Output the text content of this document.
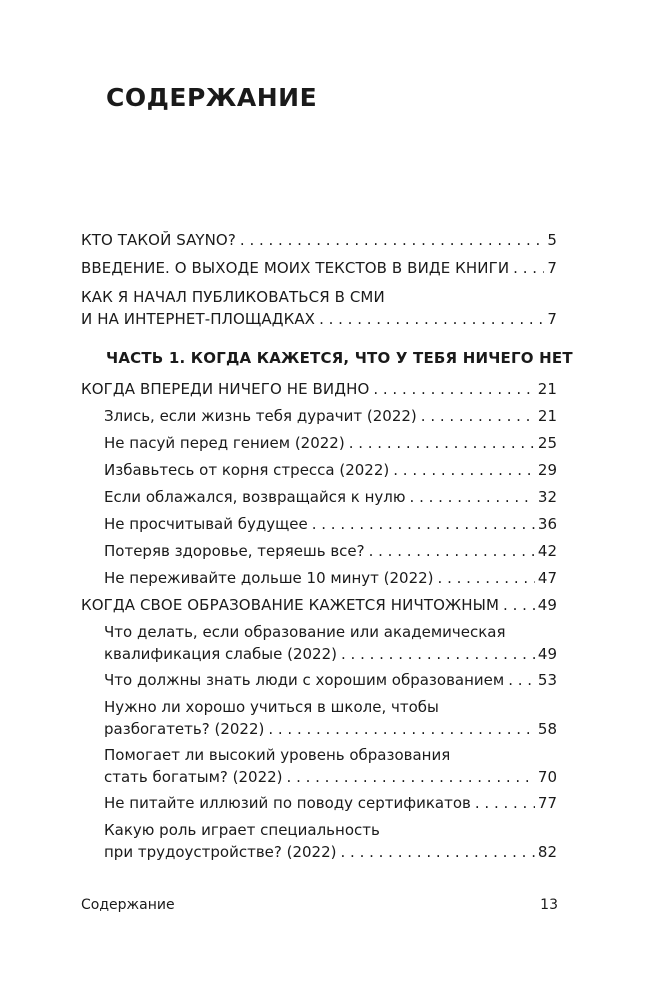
СОДЕРЖАНИЕ
КТО ТАКОЙ SAYNO? . . .	5
ВВЕДЕНИЕ. О ВЫХОДЕ МОИХ ТЕКСТОВ В ВИДЕ КНИГИ . . .	7
КАК Я НАЧАЛ ПУБЛИКОВАТЬСЯ В СМИ
И НА ИНТЕРНЕТ-ПЛОЩАДКАХ . . .	7
ЧАСТЬ 1. КОГДА КАЖЕТСЯ, ЧТО У ТЕБЯ НИЧЕГО НЕТ
КОГДА ВПЕРЕДИ НИЧЕГО НЕ ВИДНО . . .	21
Злись, если жизнь тебя дурачит (2022) . . .	21
Не пасуй перед гением (2022) . . .	25
Избавьтесь от корня стресса (2022) . . .	29
Если облажался, возвращайся к нулю . . .	32
Не просчитывай будущее . . .	36
Потеряв здоровье, теряешь все? . . .	42
Не переживайте дольше 10 минут (2022) . . .	47
КОГДА СВОЕ ОБРАЗОВАНИЕ КАЖЕТСЯ НИЧТОЖНЫМ . . .	49
Что делать, если образование или академическая
квалификация слабые (2022) . . .	49
Что должны знать люди с хорошим образованием . . . 53
Нужно ли хорошо учиться в школе, чтобы
разбогатеть? (2022) . . .	58
Помогает ли высокий уровень образования
стать богатым? (2022) . . .	70
Не питайте иллюзий по поводу сертификатов . . .	77
Какую роль играет специальность
при трудоустройстве? (2022) . . .	82
Содержание	13
